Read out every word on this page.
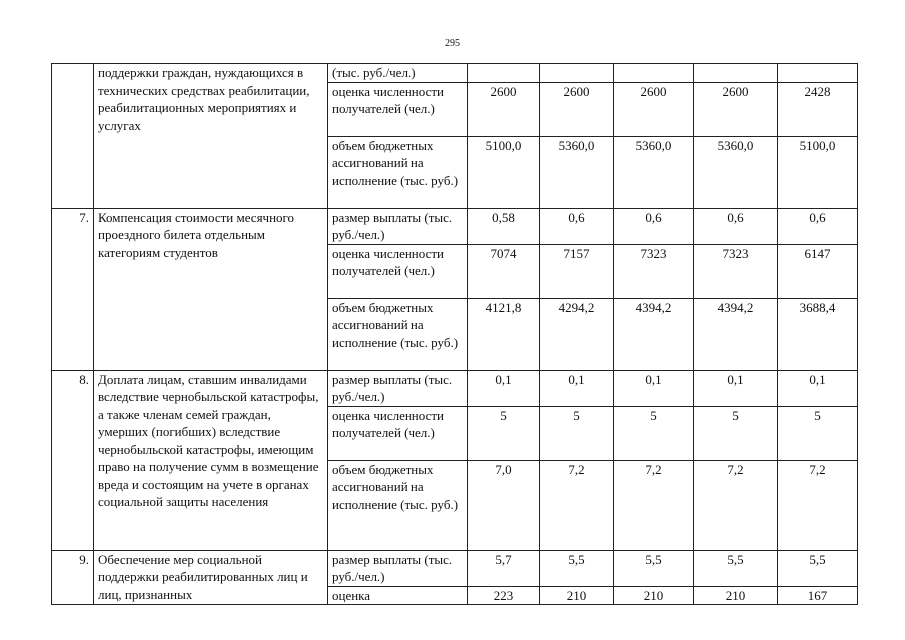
295
	поддержки граждан, нуждающихся в технических средствах реабилитации, реабилитационных мероприятиях и услугах	(тыс. руб./чел.)					
		оценка численности получателей (чел.)	2600	2600	2600	2600	2428
		объем бюджетных ассигнований на исполнение (тыс. руб.)	5100,0	5360,0	5360,0	5360,0	5100,0
7.	Компенсация стоимости месячного проездного билета отдельным категориям студентов	размер выплаты (тыс. руб./чел.)	0,58	0,6	0,6	0,6	0,6
		оценка численности получателей (чел.)	7074	7157	7323	7323	6147
		объем бюджетных ассигнований на исполнение (тыс. руб.)	4121,8	4294,2	4394,2	4394,2	3688,4
8.	Доплата лицам, ставшим инвалидами вследствие чернобыльской катастрофы, а также членам семей граждан, умерших (погибших) вследствие чернобыльской катастрофы, имеющим право на получение сумм в возмещение вреда и состоящим на учете в органах социальной защиты населения	размер выплаты (тыс. руб./чел.)	0,1	0,1	0,1	0,1	0,1
		оценка численности получателей (чел.)	5	5	5	5	5
		объем бюджетных ассигнований на исполнение (тыс. руб.)	7,0	7,2	7,2	7,2	7,2
9.	Обеспечение мер социальной поддержки реабилитированных лиц и лиц, признанных	размер выплаты (тыс. руб./чел.)	5,7	5,5	5,5	5,5	5,5
		оценка	223	210	210	210	167
